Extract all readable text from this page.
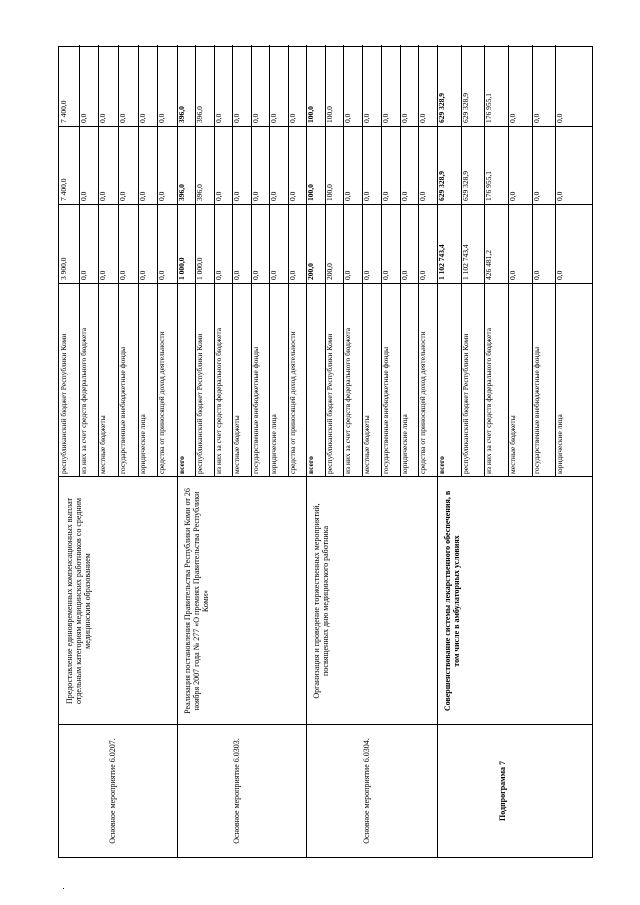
Основное мероприятие 6.0207.
Предоставление единовременных компенсационных выплат отдельным категориям медицинских работников со средним медицинским образованием
республиканский бюджет Республики Коми
3 900,0
7 400,0
7 400,0
из них за счет средств федерального бюджета
0,0
0,0
0,0
местные бюджеты
0,0
0,0
0,0
государственные внебюджетные фонды
0,0
0,0
0,0
юридические лица
0,0
0,0
0,0
средства от приносящей доход деятельности
0,0
0,0
0,0
Основное мероприятие 6.0303.
Реализация постановления Правительства Республики Коми от 26 ноября 2007 года № 277 «О премиях Правительства Республики Коми»
всего
1 000,0
396,0
396,0
республиканский бюджет Республики Коми
1 000,0
396,0
396,0
из них за счет средств федерального бюджета
0,0
0,0
0,0
местные бюджеты
0,0
0,0
0,0
государственные внебюджетные фонды
0,0
0,0
0,0
юридические лица
0,0
0,0
0,0
средства от приносящей доход деятельности
0,0
0,0
0,0
Основное мероприятие 6.0304.
Организация и проведение торжественных мероприятий, посвященных дню медицинского работника
всего
200,0
100,0
100,0
республиканский бюджет Республики Коми
200,0
100,0
100,0
из них за счет средств федерального бюджета
0,0
0,0
0,0
местные бюджеты
0,0
0,0
0,0
государственные внебюджетные фонды
0,0
0,0
0,0
юридические лица
0,0
0,0
0,0
средства от приносящей доход деятельности
0,0
0,0
0,0
Подпрограмма 7
Совершенствование системы лекарственного обеспечения, в том числе в амбулаторных условиях
всего
1 102 743,4
629 328,9
629 328,9
республиканский бюджет Республики Коми
1 102 743,4
629 328,9
629 328,9
из них за счет средств федерального бюджета
426 481,2
176 955,1
176 955,1
местные бюджеты
0,0
0,0
0,0
государственные внебюджетные фонды
0,0
0,0
0,0
юридические лица
0,0
0,0
0,0
